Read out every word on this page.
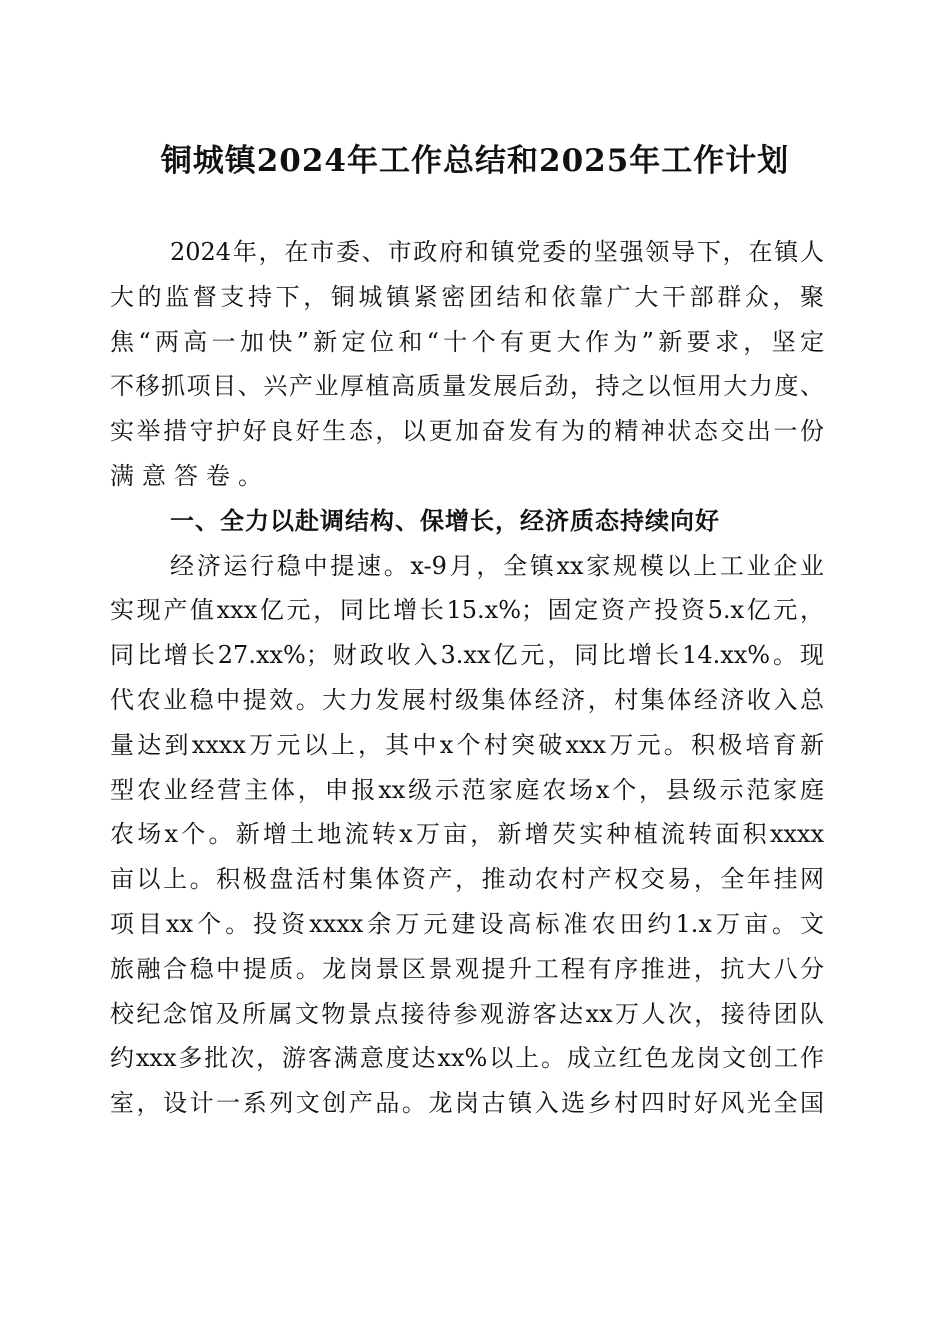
铜城镇2024年工作总结和2025年工作计划
2024年，在市委、市政府和镇党委的坚强领导下，在镇人
大的监督支持下，铜城镇紧密团结和依靠广大干部群众，聚
焦“两高一加快”新定位和“十个有更大作为”新要求，坚定
不移抓项目、兴产业厚植高质量发展后劲，持之以恒用大力度、
实举措守护好良好生态，以更加奋发有为的精神状态交出一份
满意答卷。
一、全力以赴调结构、保增长，经济质态持续向好
经济运行稳中提速。x-9月，全镇xx家规模以上工业企业
实现产值xxx亿元，同比增长15.x%；固定资产投资5.x亿元，
同比增长27.xx%；财政收入3.xx亿元，同比增长14.xx%。现
代农业稳中提效。大力发展村级集体经济，村集体经济收入总
量达到xxxx万元以上，其中x个村突破xxx万元。积极培育新
型农业经营主体，申报xx级示范家庭农场x个，县级示范家庭
农场x个。新增土地流转x万亩，新增芡实种植流转面积xxxx
亩以上。积极盘活村集体资产，推动农村产权交易，全年挂网
项目xx个。投资xxxx余万元建设高标准农田约1.x万亩。文
旅融合稳中提质。龙岗景区景观提升工程有序推进，抗大八分
校纪念馆及所属文物景点接待参观游客达xx万人次，接待团队
约xxx多批次，游客满意度达xx%以上。成立红色龙岗文创工作
室，设计一系列文创产品。龙岗古镇入选乡村四时好风光全国
